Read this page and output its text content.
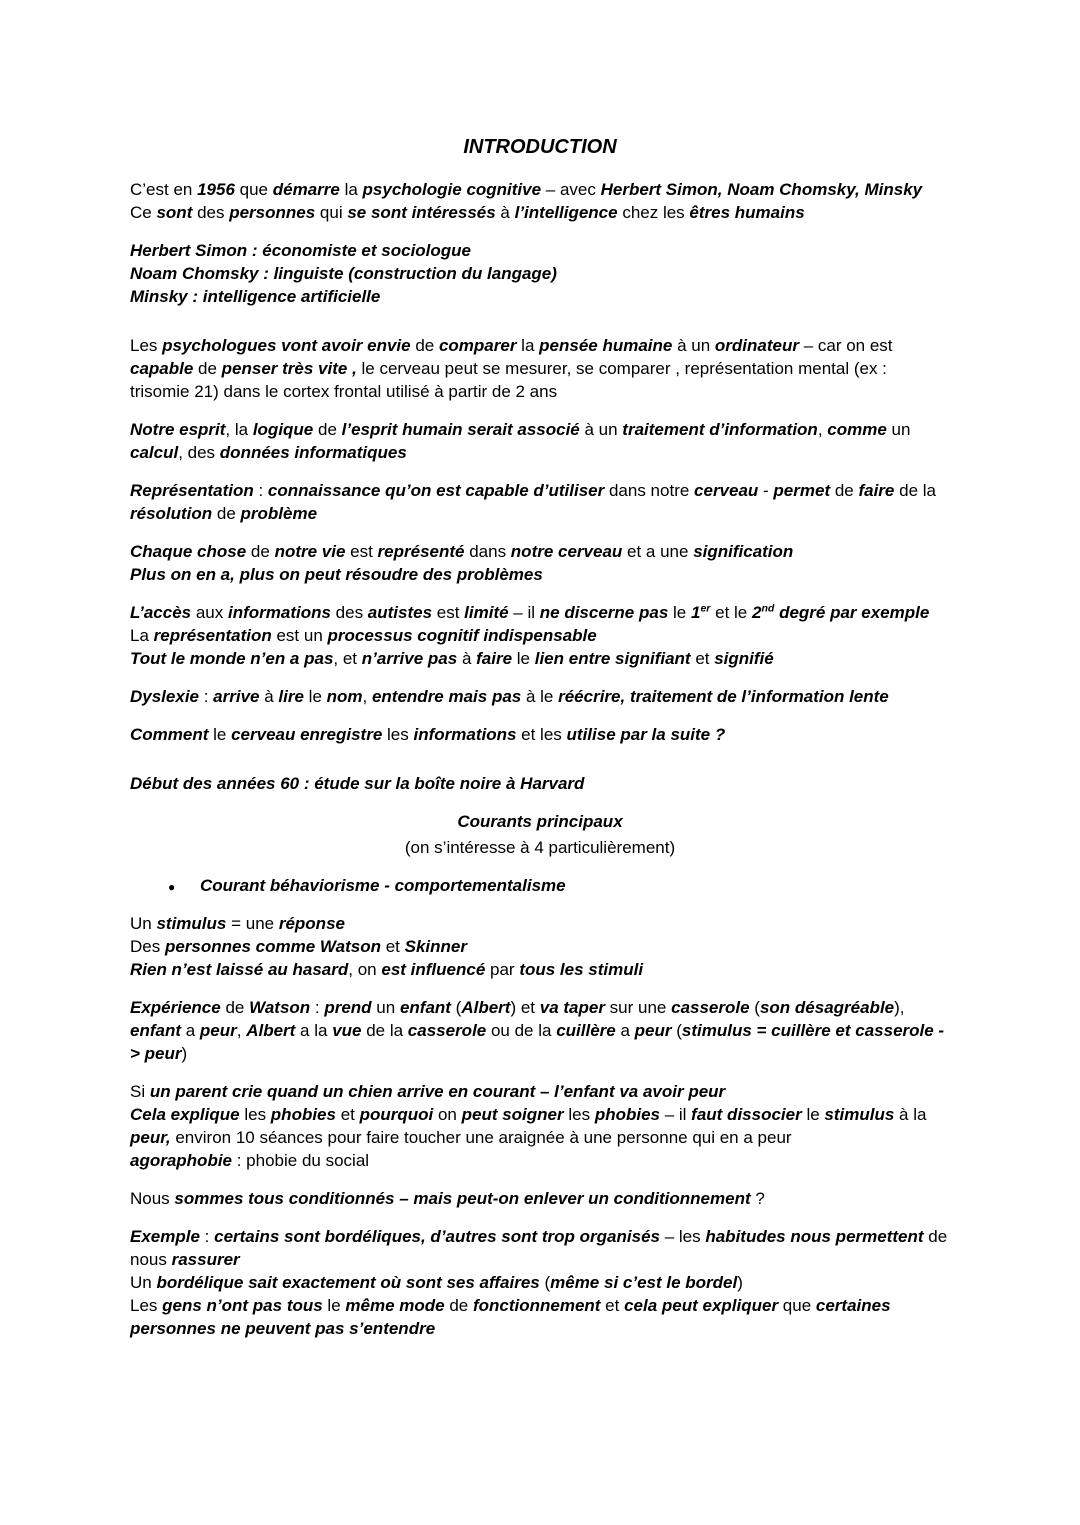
INTRODUCTION

C’est en 1956 que démarre la psychologie cognitive – avec Herbert Simon, Noam Chomsky, Minsky
Ce sont des personnes qui se sont intéressés à l’intelligence chez les êtres humains

Herbert Simon : économiste et sociologue
Noam Chomsky : linguiste (construction du langage)
Minsky : intelligence artificielle

Les psychologues vont avoir envie de comparer la pensée humaine à un ordinateur – car on est capable de penser très vite , le cerveau peut se mesurer, se comparer , représentation mental (ex : trisomie 21) dans le cortex frontal utilisé à partir de 2 ans

Notre esprit, la logique de l’esprit humain serait associé à un traitement d’information, comme un calcul, des données informatiques

Représentation : connaissance qu’on est capable d’utiliser dans notre cerveau - permet de faire de la résolution de problème

Chaque chose de notre vie est représenté dans notre cerveau et a une signification
Plus on en a, plus on peut résoudre des problèmes

L’accès aux informations des autistes est limité – il ne discerne pas le 1er et le 2nd degré par exemple
La représentation est un processus cognitif indispensable
Tout le monde n’en a pas, et n’arrive pas à faire le lien entre signifiant et signifié

Dyslexie : arrive à lire le nom, entendre mais pas à le réécrire, traitement de l’information lente

Comment le cerveau enregistre les informations et les utilise par la suite ?

Début des années 60 : étude sur la boîte noire à Harvard

Courants principaux

(on s’intéresse à 4 particulièrement)

● Courant béhaviorisme - comportementalisme

Un stimulus = une réponse
Des personnes comme Watson et Skinner
Rien n’est laissé au hasard, on est influencé par tous les stimuli

Expérience de Watson : prend un enfant (Albert) et va taper sur une casserole (son désagréable), enfant a peur, Albert a la vue de la casserole ou de la cuillère a peur (stimulus = cuillère et casserole -> peur)

Si un parent crie quand un chien arrive en courant – l’enfant va avoir peur
Cela explique les phobies et pourquoi on peut soigner les phobies – il faut dissocier le stimulus à la peur, environ 10 séances pour faire toucher une araignée à une personne qui en a peur
agoraphobie : phobie du social

Nous sommes tous conditionnés – mais peut-on enlever un conditionnement ?

Exemple : certains sont bordéliques, d’autres sont trop organisés – les habitudes nous permettent de nous rassurer
Un bordélique sait exactement où sont ses affaires (même si c’est le bordel)
Les gens n’ont pas tous le même mode de fonctionnement et cela peut expliquer que certaines personnes ne peuvent pas s’entendre
